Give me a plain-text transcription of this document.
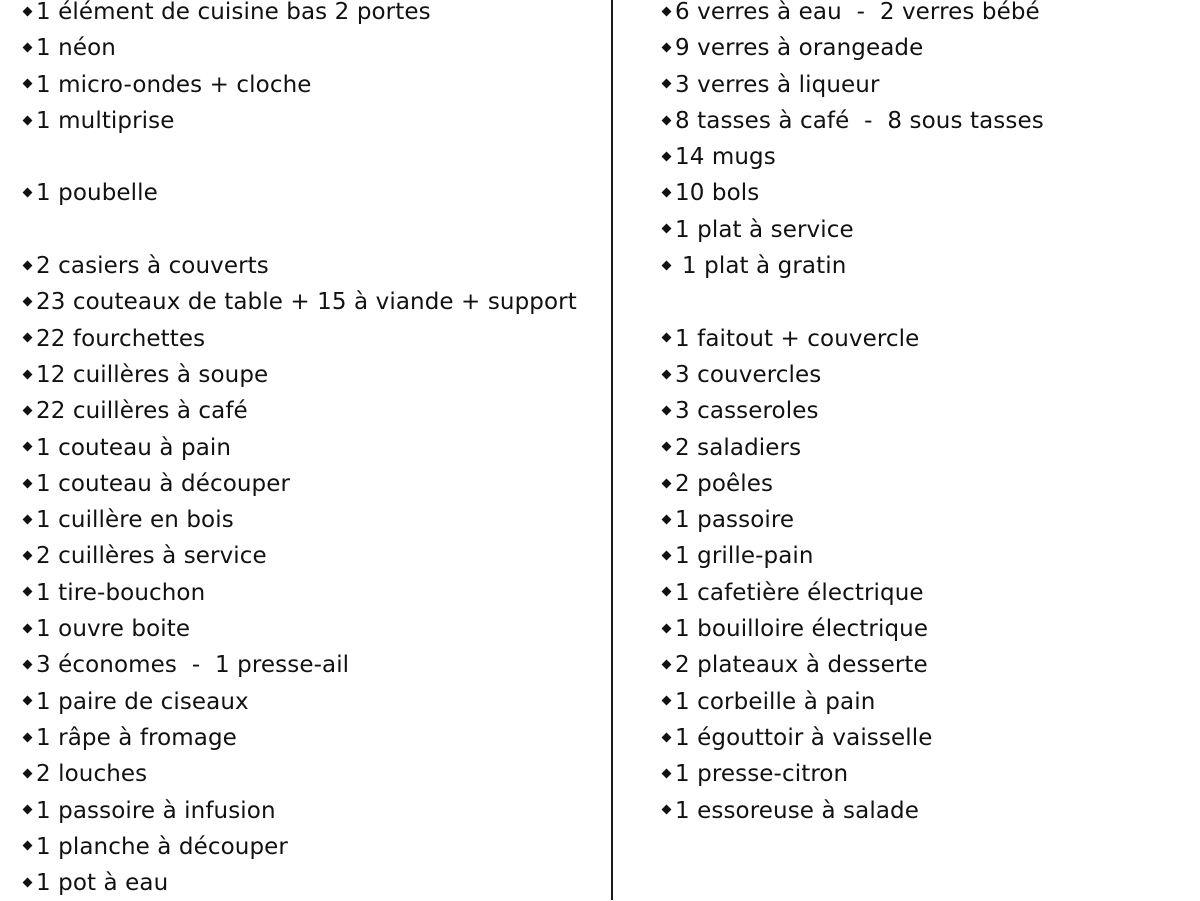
1 élément de cuisine bas 2 portes
1 néon
1 micro-ondes + cloche
1 multiprise
1 poubelle
2 casiers à couverts
23 couteaux de table + 15 à viande + support
22 fourchettes
12 cuillères à soupe
22 cuillères à café
1 couteau à pain
1 couteau à découper
1 cuillère en bois
2 cuillères à service
1 tire-bouchon
1 ouvre boite
3 économes  -  1 presse-ail
1 paire de ciseaux
1 râpe à fromage
2 louches
1 passoire à infusion
1 planche à découper
1 pot à eau
6 verres à eau  -  2 verres bébé
9 verres à orangeade
3 verres à liqueur
8 tasses à café  -  8 sous tasses
14 mugs
10 bols
1 plat à service
1 plat à gratin
1 faitout + couvercle
3 couvercles
3 casseroles
2 saladiers
2 poêles
1 passoire
1 grille-pain
1 cafetière électrique
1 bouilloire électrique
2 plateaux à desserte
1 corbeille à pain
1 égouttoir à vaisselle
1 presse-citron
1 essoreuse à salade
